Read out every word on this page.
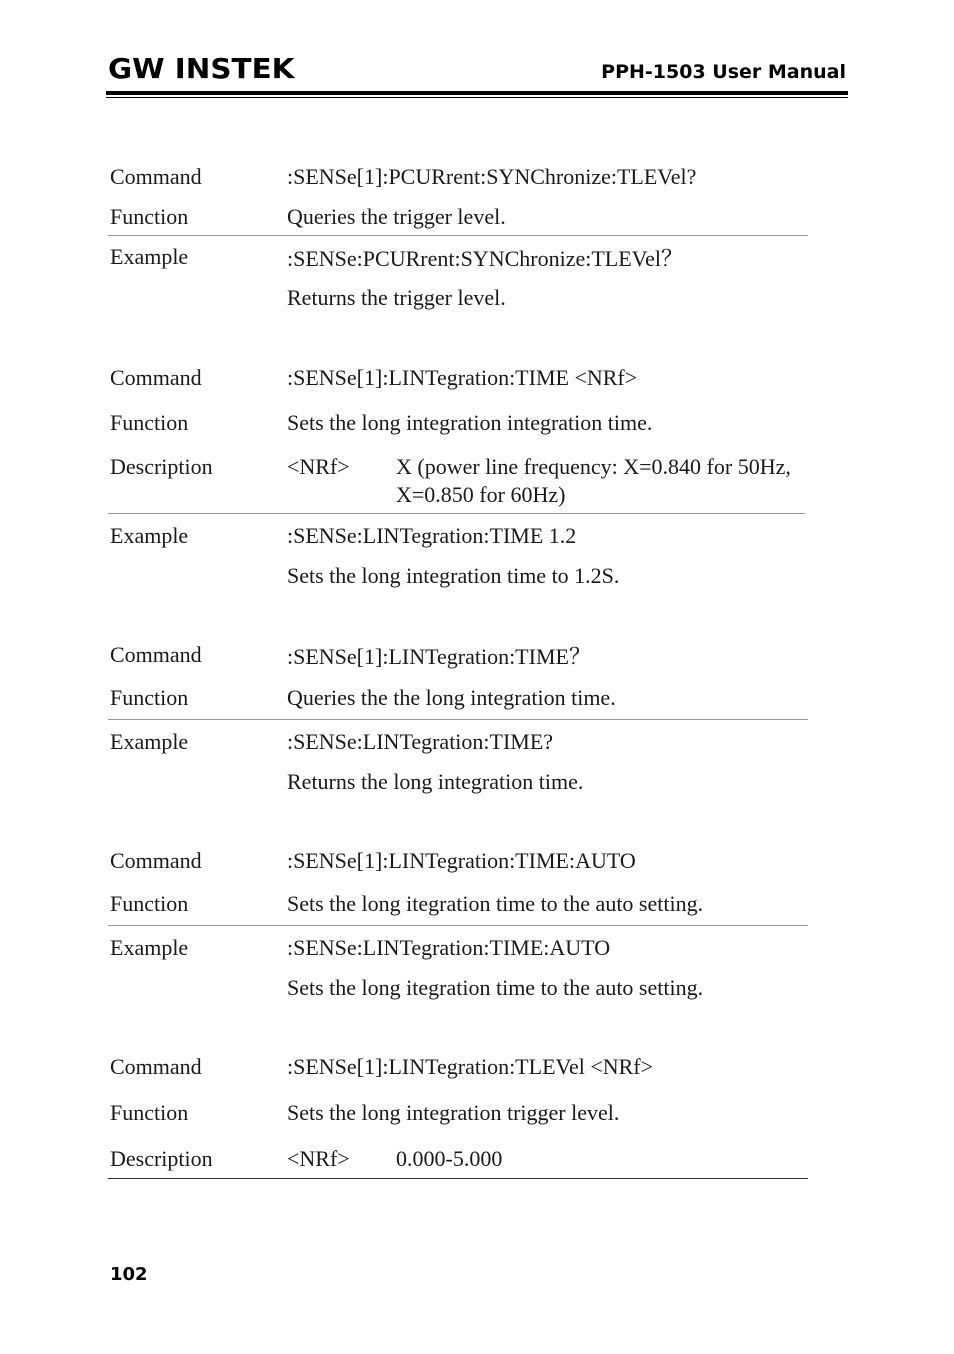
GW INSTEK	PPH-1503 User Manual
Command	:SENSe[1]:PCURrent:SYNChronize:TLEVel?
Function	Queries the trigger level.
Example	:SENSe:PCURrent:SYNChronize:TLEVel？
Returns the trigger level.
Command	:SENSe[1]:LINTegration:TIME <NRf>
Function	Sets the long integration integration time.
Description	<NRf> X (power line frequency: X=0.840 for 50Hz, X=0.850 for 60Hz)
Example	:SENSe:LINTegration:TIME 1.2
Sets the long integration time to 1.2S.
Command	:SENSe[1]:LINTegration:TIME？
Function	Queries the the long integration time.
Example	:SENSe:LINTegration:TIME?
Returns the long integration time.
Command	:SENSe[1]:LINTegration:TIME:AUTO
Function	Sets the long itegration time to the auto setting.
Example	:SENSe:LINTegration:TIME:AUTO
Sets the long itegration time to the auto setting.
Command	:SENSe[1]:LINTegration:TLEVel <NRf>
Function	Sets the long integration trigger level.
Description	<NRf> 0.000-5.000
102
